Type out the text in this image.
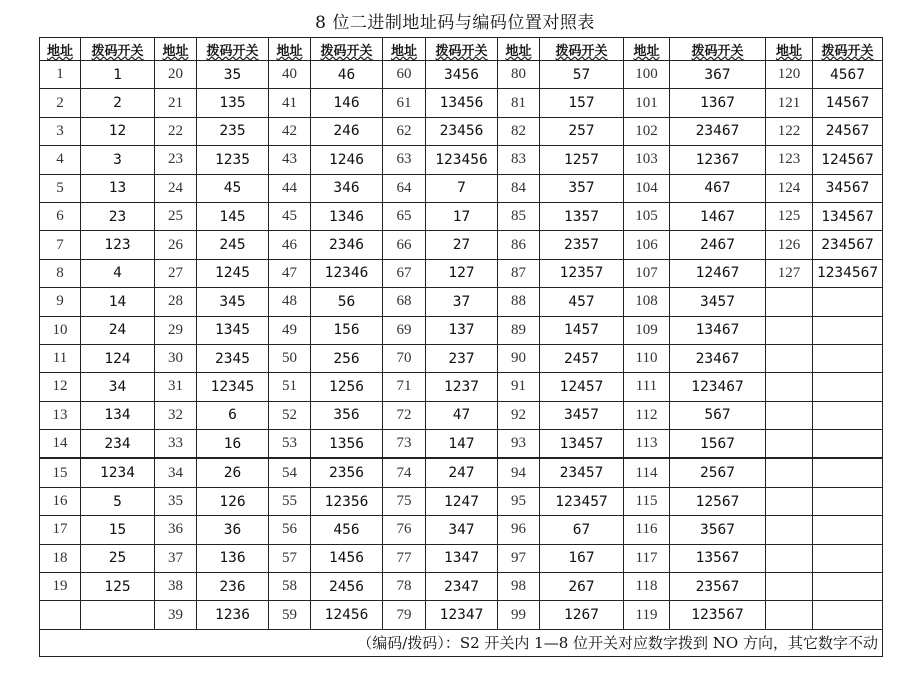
8 位二进制地址码与编码位置对照表
地址	拨码开关	地址	拨码开关	地址	拨码开关	地址	拨码开关	地址	拨码开关	地址	拨码开关	地址	拨码开关
1	1	20	35	40	46	60	3456	80	57	100	367	120	4567
2	2	21	135	41	146	61	13456	81	157	101	1367	121	14567
3	12	22	235	42	246	62	23456	82	257	102	23467	122	24567
4	3	23	1235	43	1246	63	123456	83	1257	103	12367	123	124567
5	13	24	45	44	346	64	7	84	357	104	467	124	34567
6	23	25	145	45	1346	65	17	85	1357	105	1467	125	134567
7	123	26	245	46	2346	66	27	86	2357	106	2467	126	234567
8	4	27	1245	47	12346	67	127	87	12357	107	12467	127	1234567
9	14	28	345	48	56	68	37	88	457	108	3457		
10	24	29	1345	49	156	69	137	89	1457	109	13467		
11	124	30	2345	50	256	70	237	90	2457	110	23467		
12	34	31	12345	51	1256	71	1237	91	12457	111	123467		
13	134	32	6	52	356	72	47	92	3457	112	567		
14	234	33	16	53	1356	73	147	93	13457	113	1567		
15	1234	34	26	54	2356	74	247	94	23457	114	2567		
16	5	35	126	55	12356	75	1247	95	123457	115	12567		
17	15	36	36	56	456	76	347	96	67	116	3567		
18	25	37	136	57	1456	77	1347	97	167	117	13567		
19	125	38	236	58	2456	78	2347	98	267	118	23567		
		39	1236	59	12456	79	12347	99	1267	119	123567		
（编码/拨码）：S2 开关内 1—8 位开关对应数字拨到 NO 方向，其它数字不动													
